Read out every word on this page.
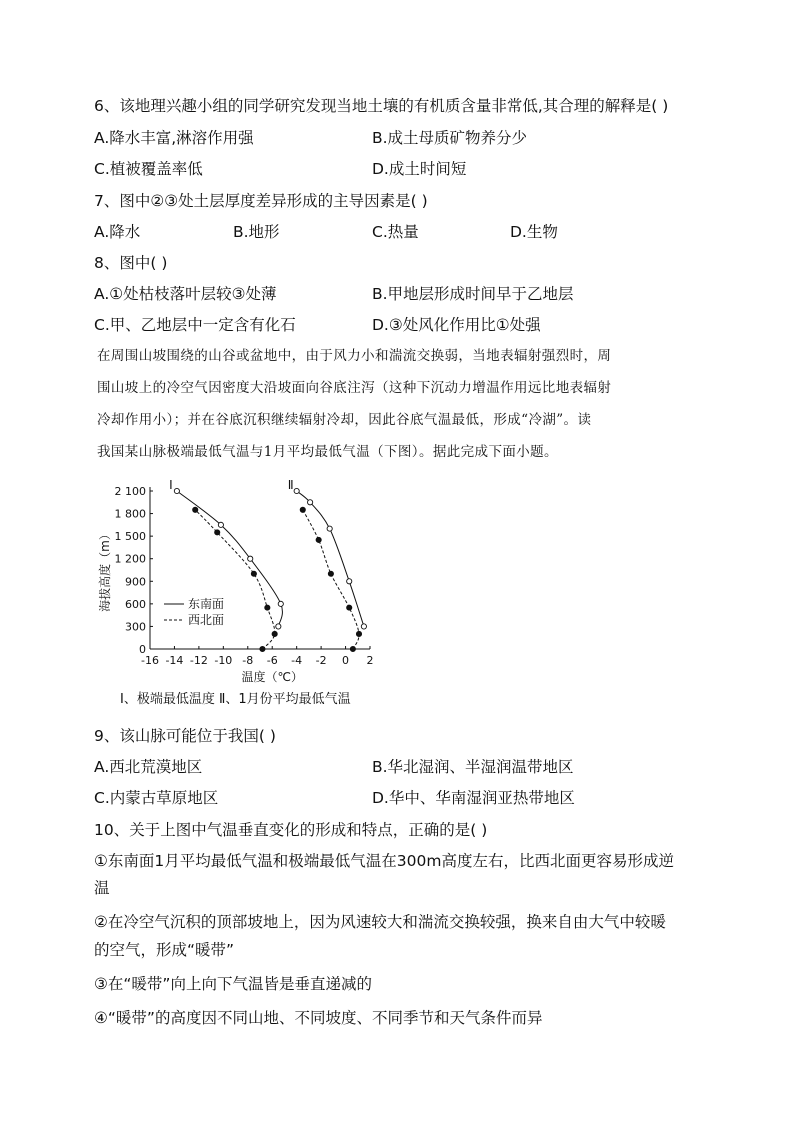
6、该地理兴趣小组的同学研究发现当地土壤的有机质含量非常低,其合理的解释是( )
A.降水丰富,淋溶作用强	B.成土母质矿物养分少
C.植被覆盖率低	D.成土时间短
7、图中②③处土层厚度差异形成的主导因素是( )
A.降水	B.地形	C.热量	D.生物
8、图中( )
A.①处枯枝落叶层较③处薄	B.甲地层形成时间早于乙地层
C.甲、乙地层中一定含有化石	D.③处风化作用比①处强
在周围山坡围绕的山谷或盆地中，由于风力小和湍流交换弱，当地表辐射强烈时，周
围山坡上的冷空气因密度大沿坡面向谷底注泻（这种下沉动力增温作用远比地表辐射
冷却作用小）；并在谷底沉积继续辐射冷却，因此谷底气温最低，形成“冷湖”。读
我国某山脉极端最低气温与1月平均最低气温（下图）。据此完成下面小题。
-16 -14 -12 -10 -8 -6 -4 -2 0 2
0
300
600
900
1 200
1 500
1 800
2 100
海拔高度（m）
温度（℃）
Ⅰ	Ⅱ
东南面
西北面
Ⅰ、极端最低温度 Ⅱ、1月份平均最低气温
9、该山脉可能位于我国( )
A.西北荒漠地区	B.华北湿润、半湿润温带地区
C.内蒙古草原地区	D.华中、华南湿润亚热带地区
10、关于上图中气温垂直变化的形成和特点，正确的是( )
①东南面1月平均最低气温和极端最低气温在300m高度左右，比西北面更容易形成逆
温
②在冷空气沉积的顶部坡地上，因为风速较大和湍流交换较强，换来自由大气中较暖
的空气，形成“暖带”
③在“暖带”向上向下气温皆是垂直递减的
④“暖带”的高度因不同山地、不同坡度、不同季节和天气条件而异
